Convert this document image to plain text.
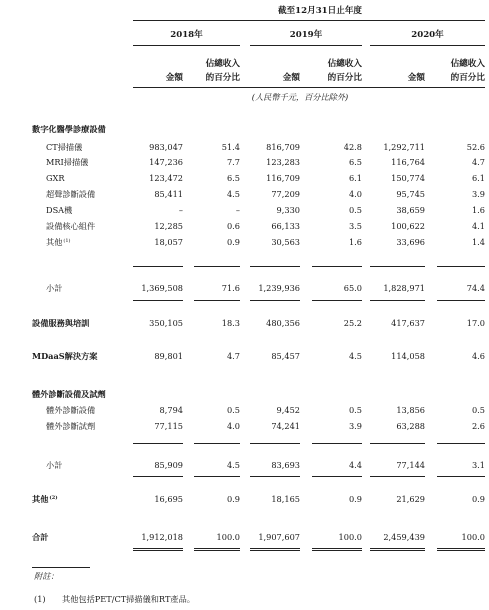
截至12月31日止年度
2018年	2019年	2020年
佔總收入	佔總收入	佔總收入
金額	的百分比	金額	的百分比	金額	的百分比
(人民幣千元，百分比除外)
數字化醫學診療設備
CT掃描儀	983,047	51.4	816,709	42.8	1,292,711	52.6
MRI掃描儀	147,236	7.7	123,283	6.5	116,764	4.7
GXR	123,472	6.5	116,709	6.1	150,774	6.1
超聲診斷設備	85,411	4.5	77,209	4.0	95,745	3.9
DSA機	–	–	9,330	0.5	38,659	1.6
設備核心組件	12,285	0.6	66,133	3.5	100,622	4.1
其他$^{(1)}$	18,057	0.9	30,563	1.6	33,696	1.4
小計	1,369,508	71.6	1,239,936	65.0	1,828,971	74.4
設備服務與培訓	350,105	18.3	480,356	25.2	417,637	17.0
MDaaS解決方案	89,801	4.7	85,457	4.5	114,058	4.6
體外診斷設備及試劑
體外診斷設備	8,794	0.5	9,452	0.5	13,856	0.5
體外診斷試劑	77,115	4.0	74,241	3.9	63,288	2.6
小計	85,909	4.5	83,693	4.4	77,144	3.1
其他$^{(2)}$	16,695	0.9	18,165	0.9	21,629	0.9
合計	1,912,018	100.0	1,907,607	100.0	2,459,439	100.0
附註：
(1) 其他包括PET/CT掃描儀和RT產品。
